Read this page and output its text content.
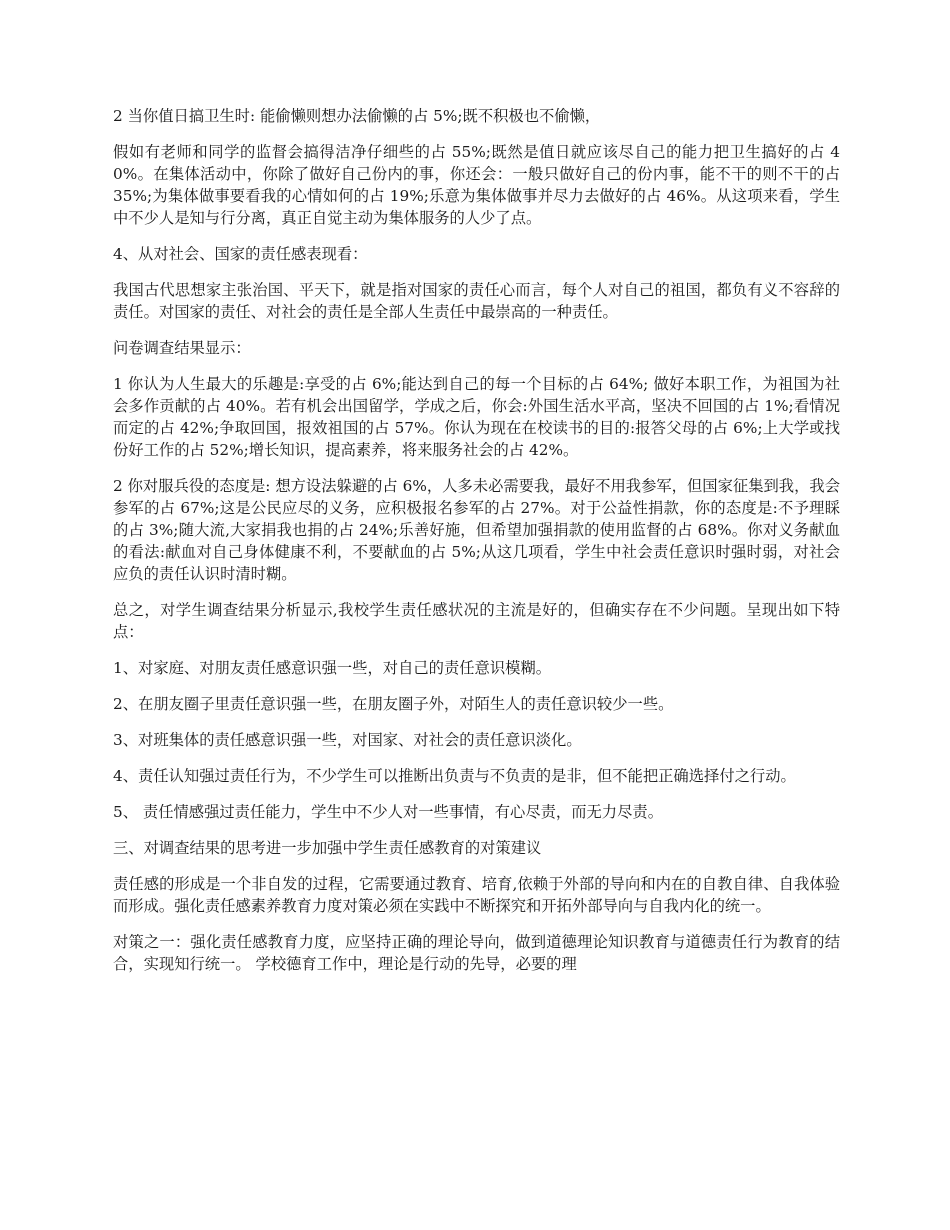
2 当你值日搞卫生时: 能偷懒则想办法偷懒的占 5%;既不积极也不偷懒，

假如有老师和同学的监督会搞得洁净仔细些的占 55%;既然是值日就应该尽自己的能力把卫生搞好的占 40%。在集体活动中，你除了做好自己份内的事，你还会：一般只做好自己的份内事，能不干的则不干的占 35%;为集体做事要看我的心情如何的占 19%;乐意为集体做事并尽力去做好的占 46%。从这项来看，学生中不少人是知与行分离，真正自觉主动为集体服务的人少了点。

4、从对社会、国家的责任感表现看：

我国古代思想家主张治国、平天下，就是指对国家的责任心而言，每个人对自己的祖国，都负有义不容辞的责任。对国家的责任、对社会的责任是全部人生责任中最崇高的一种责任。

问卷调查结果显示：

1 你认为人生最大的乐趣是:享受的占 6%;能达到自己的每一个目标的占 64%; 做好本职工作，为祖国为社会多作贡献的占 40%。若有机会出国留学，学成之后，你会:外国生活水平高，坚决不回国的占 1%;看情况而定的占 42%;争取回国，报效祖国的占 57%。你认为现在在校读书的目的:报答父母的占 6%;上大学或找份好工作的占 52%;增长知识，提高素养，将来服务社会的占 42%。

2 你对服兵役的态度是: 想方设法躲避的占 6%，人多未必需要我，最好不用我参军，但国家征集到我，我会参军的占 67%;这是公民应尽的义务，应积极报名参军的占 27%。对于公益性捐款，你的态度是:不予理睬的占 3%;随大流,大家捐我也捐的占 24%;乐善好施，但希望加强捐款的使用监督的占 68%。你对义务献血的看法:献血对自己身体健康不利，不要献血的占 5%;从这几项看，学生中社会责任意识时强时弱，对社会应负的责任认识时清时糊。

总之，对学生调查结果分析显示,我校学生责任感状况的主流是好的，但确实存在不少问题。呈现出如下特点：

1、对家庭、对朋友责任感意识强一些，对自己的责任意识模糊。

2、在朋友圈子里责任意识强一些，在朋友圈子外，对陌生人的责任意识较少一些。

3、对班集体的责任感意识强一些，对国家、对社会的责任意识淡化。

4、责任认知强过责任行为，不少学生可以推断出负责与不负责的是非，但不能把正确选择付之行动。

5、 责任情感强过责任能力，学生中不少人对一些事情，有心尽责，而无力尽责。

三、对调查结果的思考进一步加强中学生责任感教育的对策建议

责任感的形成是一个非自发的过程，它需要通过教育、培育,依赖于外部的导向和内在的自教自律、自我体验而形成。强化责任感素养教育力度对策必须在实践中不断探究和开拓外部导向与自我内化的统一。

对策之一：强化责任感教育力度，应坚持正确的理论导向，做到道德理论知识教育与道德责任行为教育的结合，实现知行统一。 学校德育工作中，理论是行动的先导，必要的理
